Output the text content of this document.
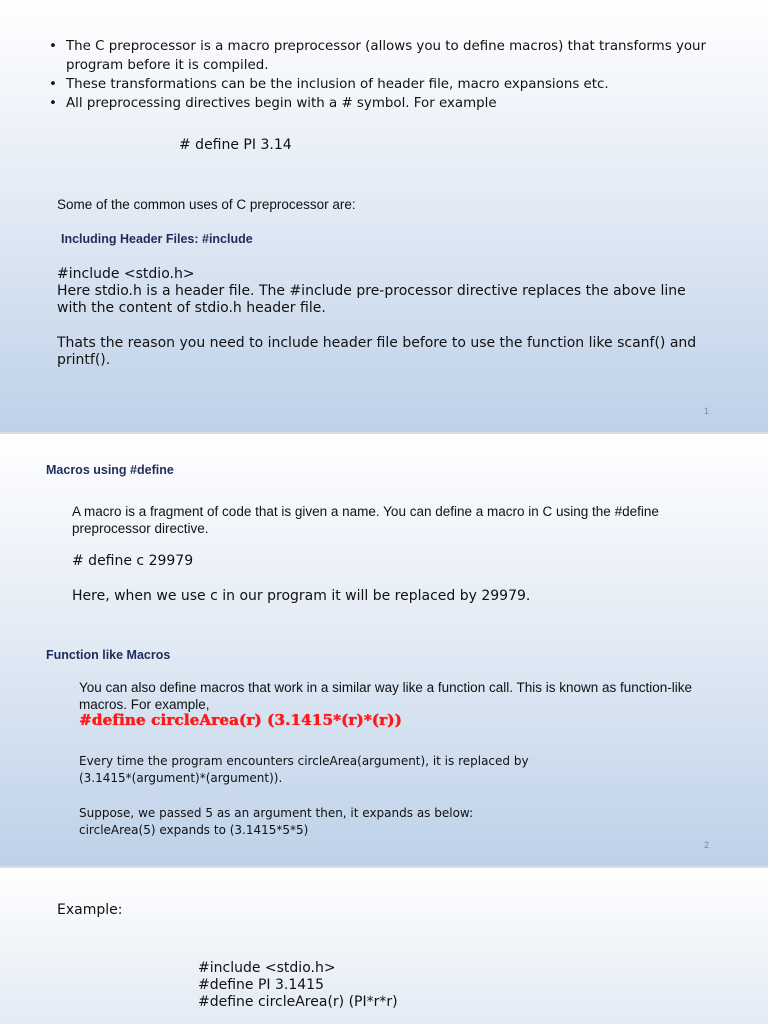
• The C preprocessor is a macro preprocessor (allows you to define macros) that transforms your program before it is compiled.
• These transformations can be the inclusion of header file, macro expansions etc.
• All preprocessing directives begin with a # symbol. For example
# define PI 3.14
Some of the common uses of C preprocessor are:
Including Header Files: #include
#include <stdio.h>
Here stdio.h is a header file. The #include pre-processor directive replaces the above line
with the content of stdio.h header file.
Thats the reason you need to include header file before to use the function like scanf() and
printf().
1
Macros using #define
A macro is a fragment of code that is given a name. You can define a macro in C using the #define
preprocessor directive.
# define c 29979
Here, when we use c in our program it will be replaced by 29979.
Function like Macros
You can also define macros that work in a similar way like a function call. This is known as function-like
macros. For example,
#define circleArea(r) (3.1415*(r)*(r))
Every time the program encounters circleArea(argument), it is replaced by
(3.1415*(argument)*(argument)).
Suppose, we passed 5 as an argument then, it expands as below:
circleArea(5) expands to (3.1415*5*5)
2
Example:
#include <stdio.h>
#define PI 3.1415
#define circleArea(r) (PI*r*r)
